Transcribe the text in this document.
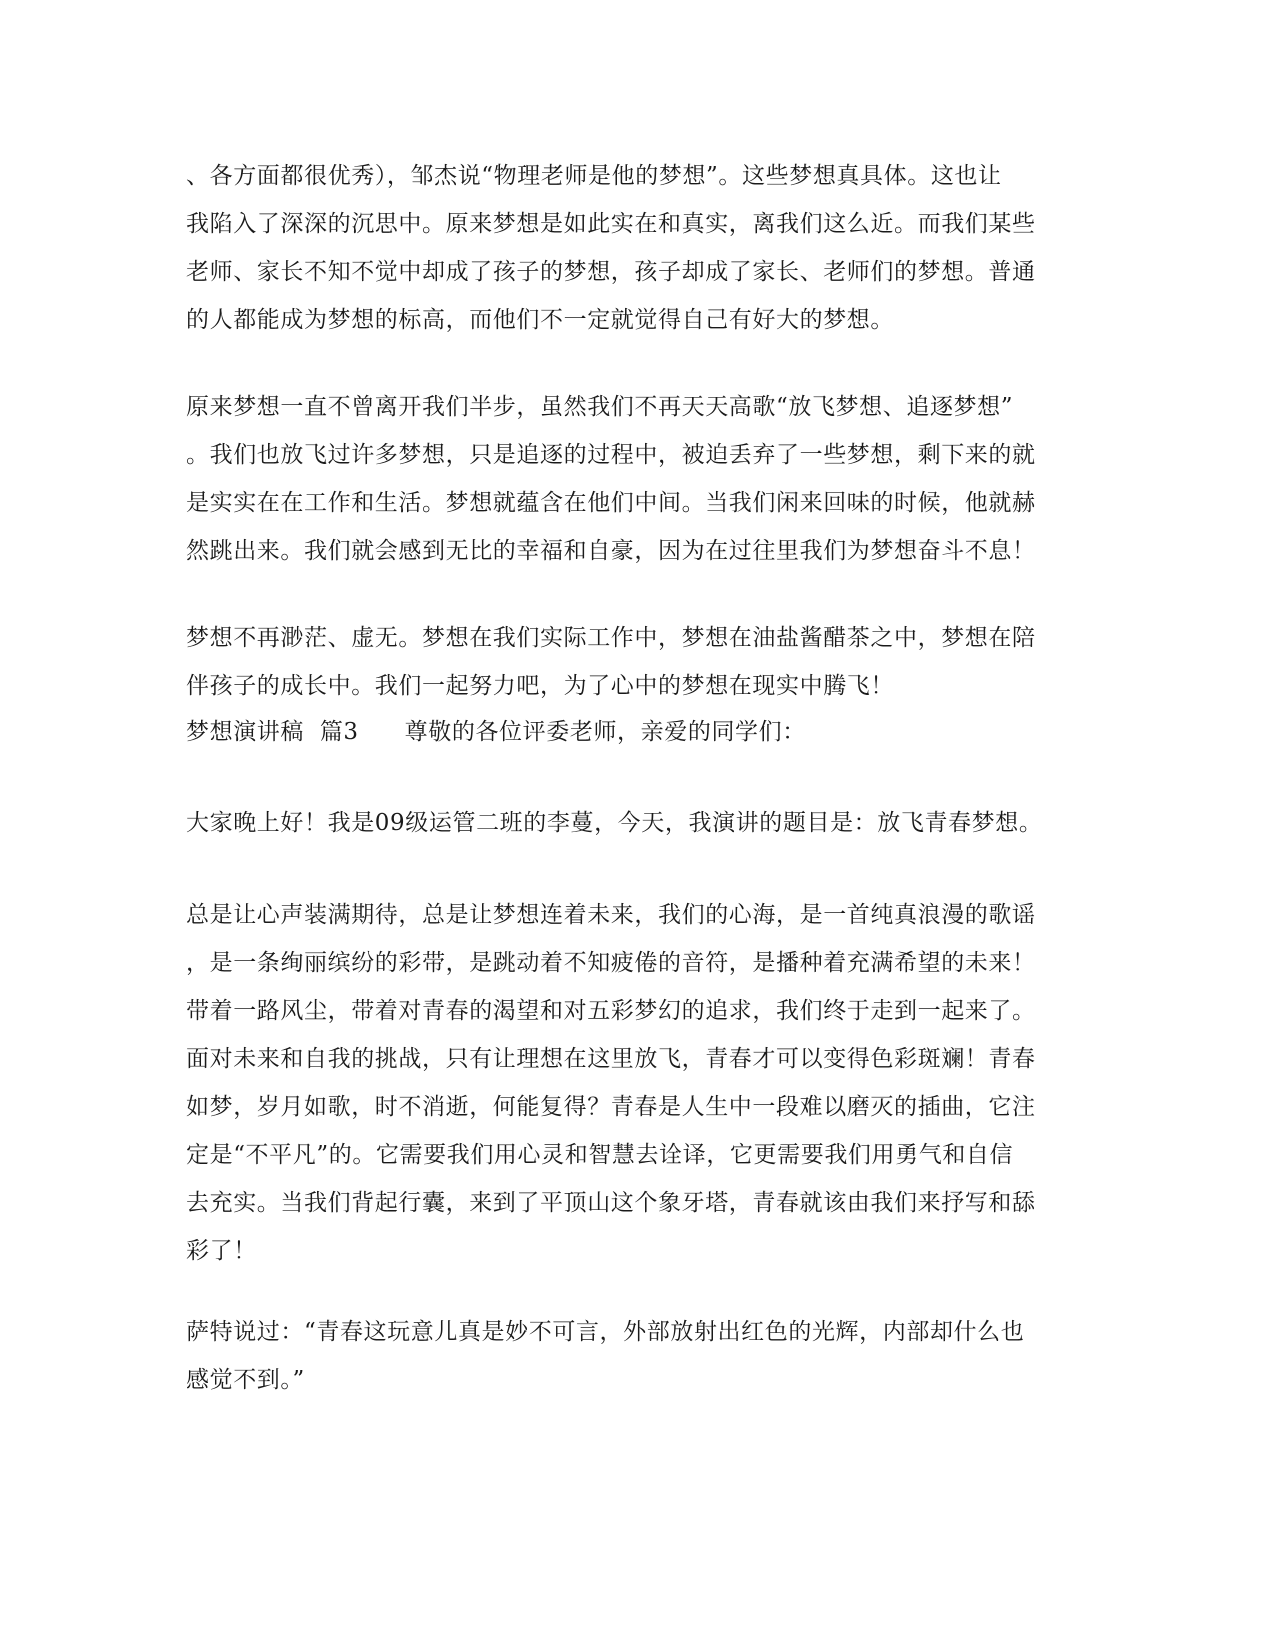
、各方面都很优秀），邹杰说“物理老师是他的梦想”。这些梦想真具体。这也让
我陷入了深深的沉思中。原来梦想是如此实在和真实，离我们这么近。而我们某些
老师、家长不知不觉中却成了孩子的梦想，孩子却成了家长、老师们的梦想。普通
的人都能成为梦想的标高，而他们不一定就觉得自己有好大的梦想。
原来梦想一直不曾离开我们半步，虽然我们不再天天高歌“放飞梦想、追逐梦想”
。我们也放飞过许多梦想，只是追逐的过程中，被迫丢弃了一些梦想，剩下来的就
是实实在在工作和生活。梦想就蕴含在他们中间。当我们闲来回味的时候，他就赫
然跳出来。我们就会感到无比的幸福和自豪，因为在过往里我们为梦想奋斗不息！
梦想不再渺茫、虚无。梦想在我们实际工作中，梦想在油盐酱醋茶之中，梦想在陪
伴孩子的成长中。我们一起努力吧，为了心中的梦想在现实中腾飞！
梦想演讲稿  篇3 尊敬的各位评委老师，亲爱的同学们：
大家晚上好！我是09级运管二班的李蔓，今天，我演讲的题目是：放飞青春梦想。
总是让心声装满期待，总是让梦想连着未来，我们的心海，是一首纯真浪漫的歌谣
，是一条绚丽缤纷的彩带，是跳动着不知疲倦的音符，是播种着充满希望的未来！
带着一路风尘，带着对青春的渴望和对五彩梦幻的追求，我们终于走到一起来了。
面对未来和自我的挑战，只有让理想在这里放飞，青春才可以变得色彩斑斓！青春
如梦，岁月如歌，时不消逝，何能复得？青春是人生中一段难以磨灭的插曲，它注
定是“不平凡”的。它需要我们用心灵和智慧去诠译，它更需要我们用勇气和自信
去充实。当我们背起行囊，来到了平顶山这个象牙塔，青春就该由我们来抒写和舔
彩了！
萨特说过：“青春这玩意儿真是妙不可言，外部放射出红色的光辉，内部却什么也
感觉不到。”
